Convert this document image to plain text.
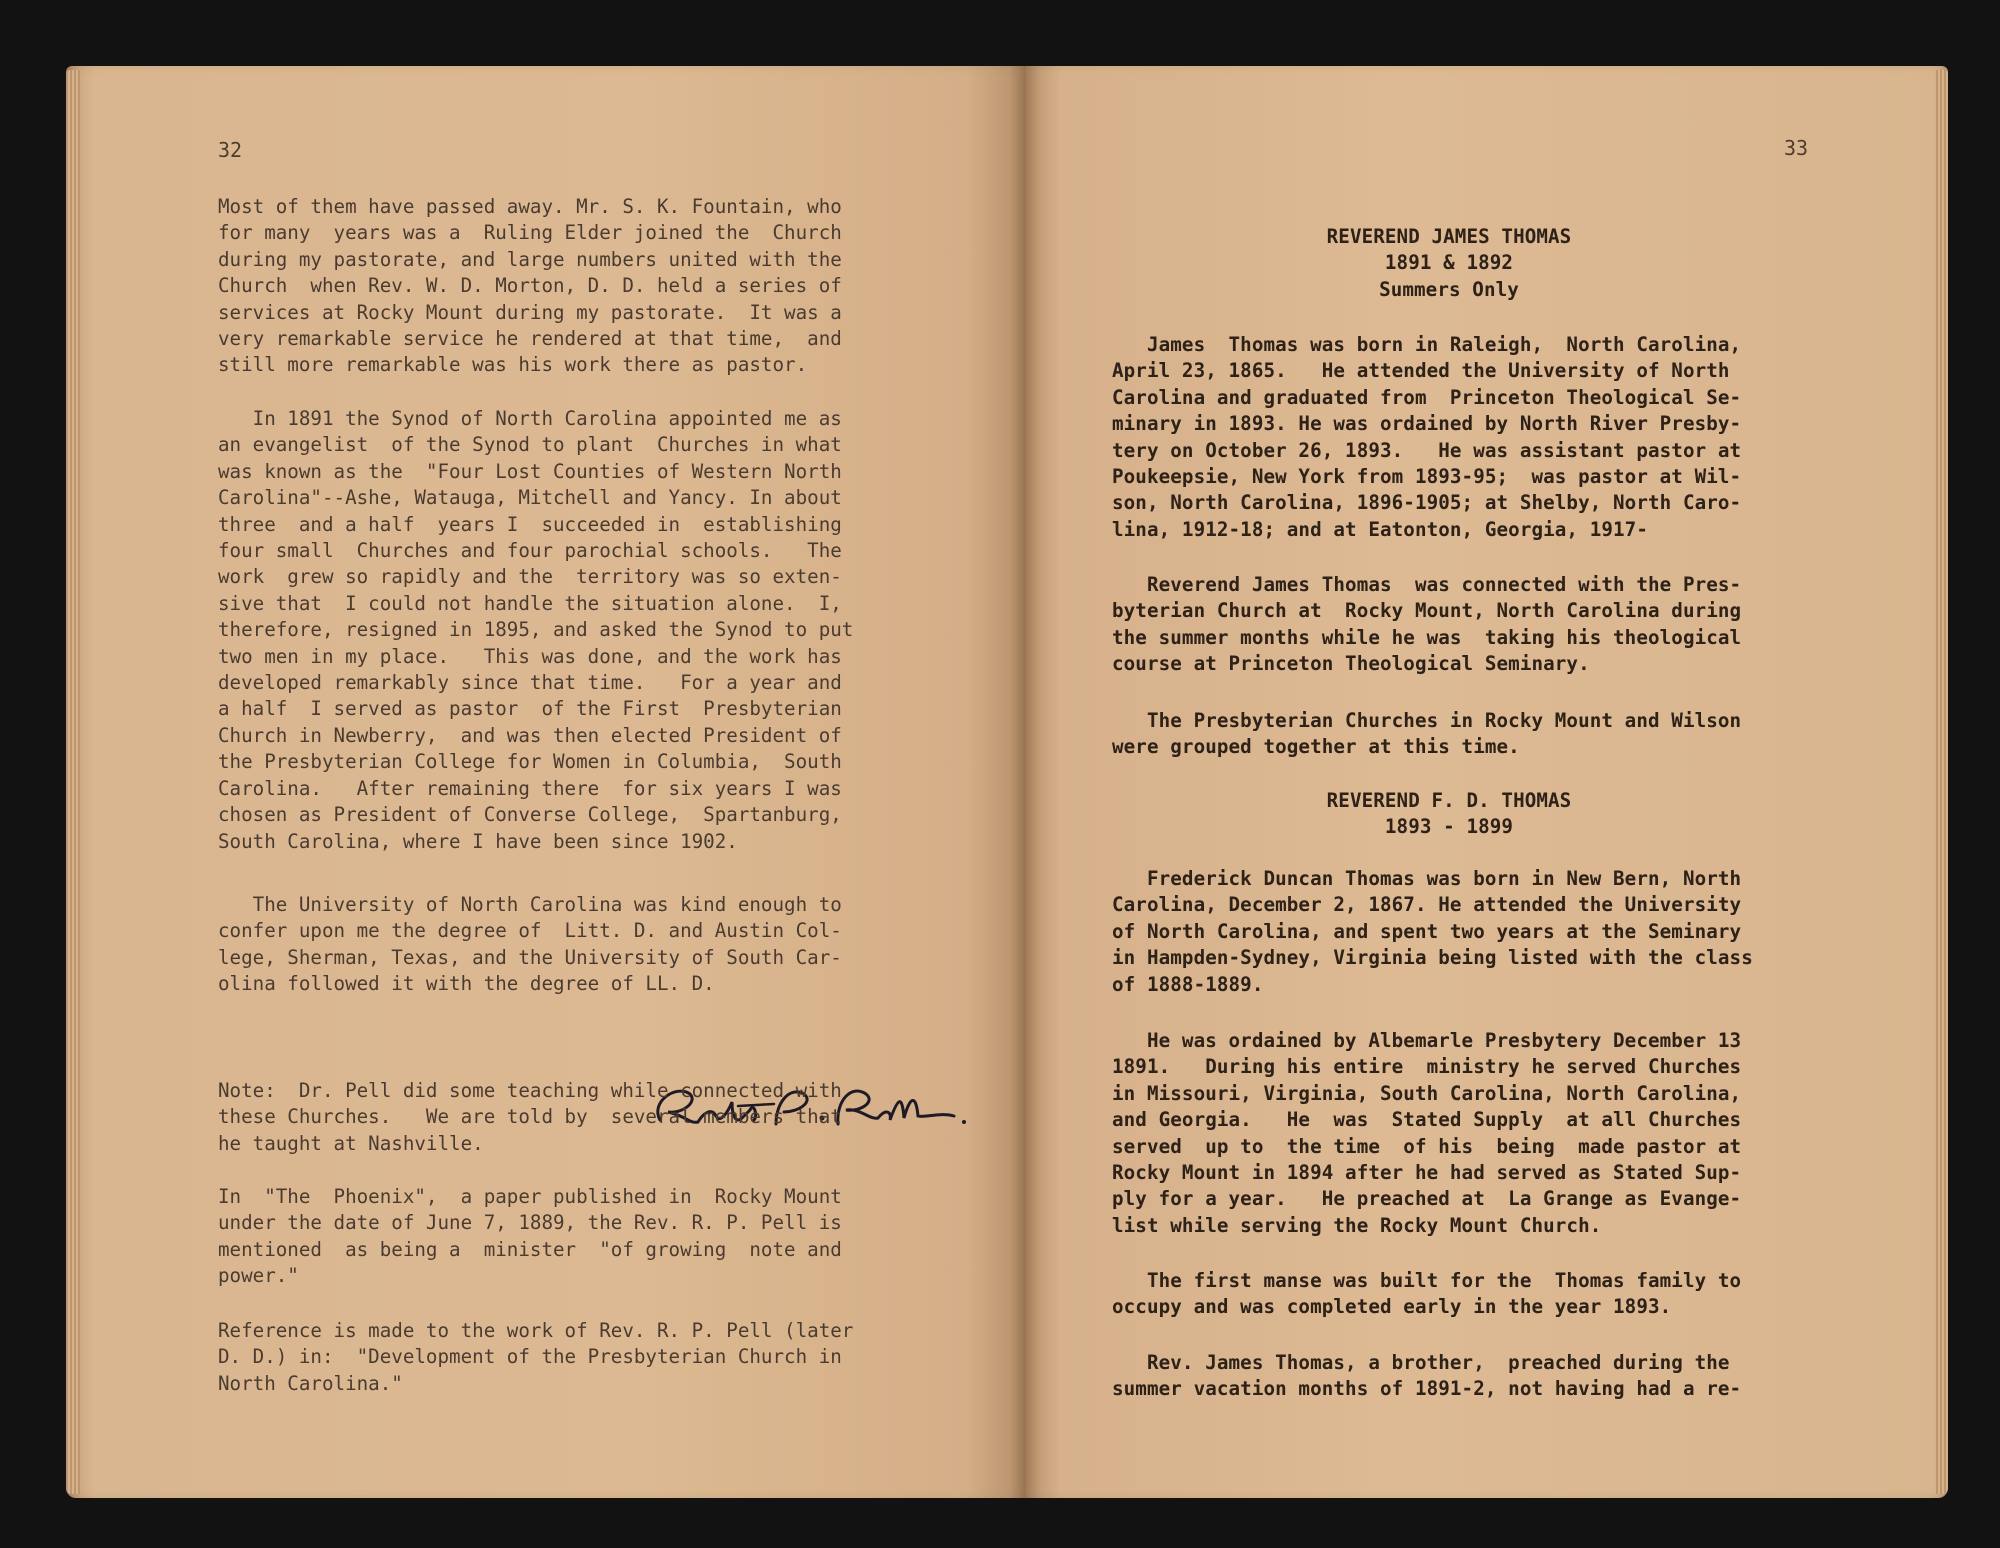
32
Most of them have passed away. Mr. S. K. Fountain, who
for many  years was a  Ruling Elder joined the  Church
during my pastorate, and large numbers united with the
Church  when Rev. W. D. Morton, D. D. held a series of
services at Rocky Mount during my pastorate.  It was a
very remarkable service he rendered at that time,  and
still more remarkable was his work there as pastor.
In 1891 the Synod of North Carolina appointed me as
an evangelist  of the Synod to plant  Churches in what
was known as the  "Four Lost Counties of Western North
Carolina"--Ashe, Watauga, Mitchell and Yancy. In about
three  and a half  years I  succeeded in  establishing
four small  Churches and four parochial schools.   The
work  grew so rapidly and the  territory was so exten-
sive that  I could not handle the situation alone.  I,
therefore, resigned in 1895, and asked the Synod to put
two men in my place.   This was done, and the work has
developed remarkably since that time.   For a year and
a half  I served as pastor  of the First  Presbyterian
Church in Newberry,  and was then elected President of
the Presbyterian College for Women in Columbia,  South
Carolina.   After remaining there  for six years I was
chosen as President of Converse College,  Spartanburg,
South Carolina, where I have been since 1902.
The University of North Carolina was kind enough to
confer upon me the degree of  Litt. D. and Austin Col-
lege, Sherman, Texas, and the University of South Car-
olina followed it with the degree of LL. D.
Note:  Dr. Pell did some teaching while connected with
these Churches.   We are told by  several members that
he taught at Nashville.
In  "The  Phoenix",  a paper published in  Rocky Mount
under the date of June 7, 1889, the Rev. R. P. Pell is
mentioned  as being a  minister  "of growing  note and
power."
Reference is made to the work of Rev. R. P. Pell (later
D. D.) in:  "Development of the Presbyterian Church in
North Carolina."
33
REVEREND JAMES THOMAS
1891 & 1892
Summers Only
James  Thomas was born in Raleigh,  North Carolina,
April 23, 1865.   He attended the University of North
Carolina and graduated from  Princeton Theological Se-
minary in 1893. He was ordained by North River Presby-
tery on October 26, 1893.   He was assistant pastor at
Poukeepsie, New York from 1893-95;  was pastor at Wil-
son, North Carolina, 1896-1905; at Shelby, North Caro-
lina, 1912-18; and at Eatonton, Georgia, 1917-
Reverend James Thomas  was connected with the Pres-
byterian Church at  Rocky Mount, North Carolina during
the summer months while he was  taking his theological
course at Princeton Theological Seminary.
The Presbyterian Churches in Rocky Mount and Wilson
were grouped together at this time.
REVEREND F. D. THOMAS
1893 - 1899
Frederick Duncan Thomas was born in New Bern, North
Carolina, December 2, 1867. He attended the University
of North Carolina, and spent two years at the Seminary
in Hampden-Sydney, Virginia being listed with the class
of 1888-1889.
He was ordained by Albemarle Presbytery December 13
1891.   During his entire  ministry he served Churches
in Missouri, Virginia, South Carolina, North Carolina,
and Georgia.   He  was  Stated Supply  at all Churches
served  up to  the time  of his  being  made pastor at
Rocky Mount in 1894 after he had served as Stated Sup-
ply for a year.   He preached at  La Grange as Evange-
list while serving the Rocky Mount Church.
The first manse was built for the  Thomas family to
occupy and was completed early in the year 1893.
Rev. James Thomas, a brother,  preached during the
summer vacation months of 1891-2, not having had a re-
